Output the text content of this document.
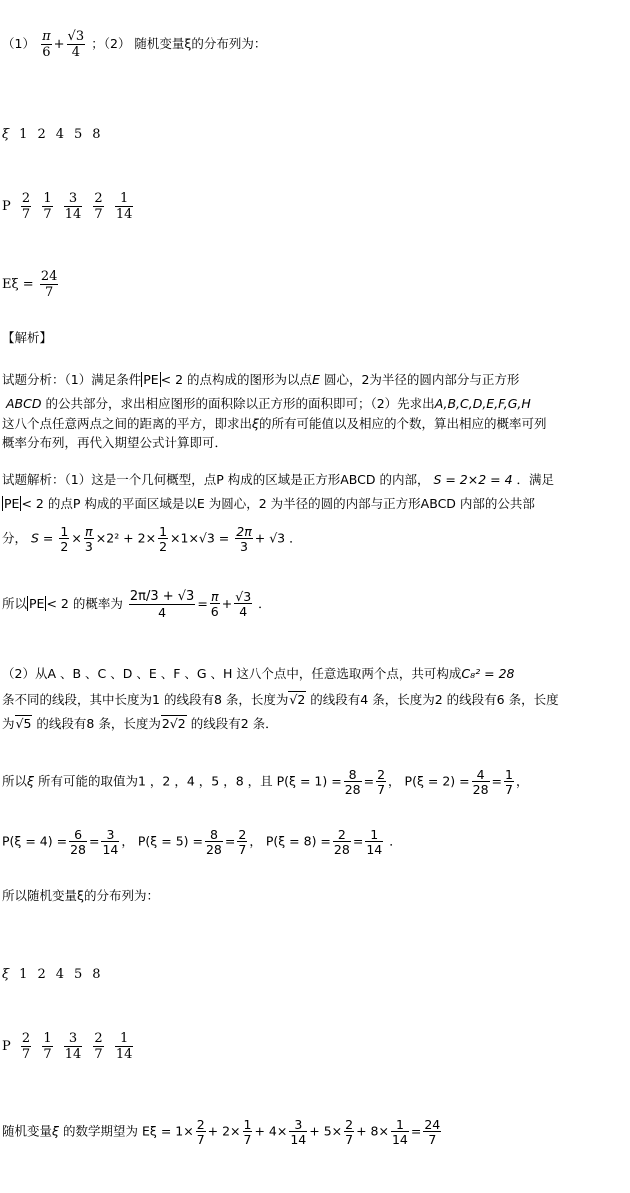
$(1) \frac{\pi}{6} + \frac{√3}{4}$ ；（2） 随机变量ξ的分布列为：
ξ 1 2 4 5 8
P $\frac{2}{7}$
$\frac{1}{7}$
$\frac{3}{14}$
$\frac{2}{7}$
$\frac{1}{14}$
$E\xi = \frac{24}{7}$
【解析】
试题分析：（1）满足条件 PE < 2 的点构成的图形为以点E 圆心，2为半径的圆内部分与正方形
ABCD 的公共部分，求出相应图形的面积除以正方形的面积即可；（2）先求出A,B,C,D,E,F,G,H
这八个点任意两点之间的距离的平方，即求出ξ的所有可能值以及相应的个数，算出相应的概率可列
概率分布列，再代入期望公式计算即可．
试题解析：（1）这是一个几何概型，点P 构成的区域是正方形ABCD 的内部， S = 2×2 = 4 ．满足
PE < 2 的点P 构成的平面区域是以E 为圆心，2 为半径的圆的内部与正方形ABCD 内部的公共部
分， $S = \frac{1}{2} \times \frac{\pi}{3} \times 2^2 + 2\times \frac{1}{2} \times 1\times√3 = \frac{2\pi}{3} + √3$ ．
所以 PE < 2 的概率为 $\frac{2\pi/3 + √3}{4} = \frac{\pi}{6} + \frac{√3}{4}$ ．
（2）从A 、B 、C 、D 、E 、F 、G 、H 这八个点中，任意选取两个点，共可构成C₈² = 28
条不同的线段，其中长度为1 的线段有8 条，长度为√2 的线段有4 条，长度为2 的线段有6 条，长度
为√5 的线段有8 条，长度为2√2 的线段有2 条．
所以ξ 所有可能的取值为1 ，2 ，4 ，5 ，8 ，且 $P(\xi = 1) = \frac{8}{28} = \frac{2}{7}$ ， $P(\xi = 2) = \frac{4}{28} = \frac{1}{7}$ ，
$P(\xi = 4) = \frac{6}{28} = \frac{3}{14}$ ， $P(\xi = 5) = \frac{8}{28} = \frac{2}{7}$ ， $P(\xi = 8) = \frac{2}{28} = \frac{1}{14}$ ．
所以随机变量ξ的分布列为：
ξ 1 2 4 5 8
P $\frac{2}{7}$
$\frac{1}{7}$
$\frac{3}{14}$
$\frac{2}{7}$
$\frac{1}{14}$
随机变量ξ 的数学期望为 $E\xi = 1\times \frac{2}{7} + 2\times \frac{1}{7} + 4\times \frac{3}{14} + 5\times \frac{2}{7} + 8\times \frac{1}{14} = \frac{24}{7}$
